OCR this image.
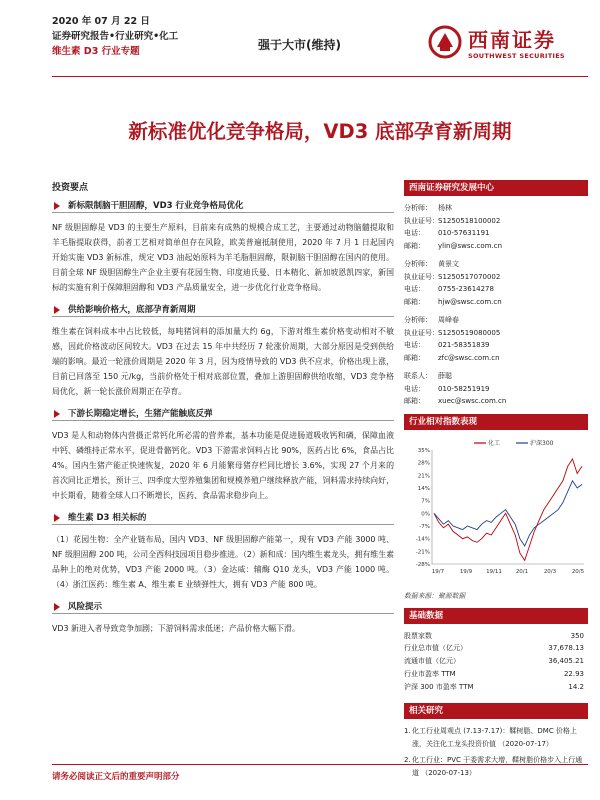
2020 年 07 月 22 日
证券研究报告•行业研究•化工
维生素 D3 行业专题	强于大市(维持)	西南证券
SOUTHWEST SECURITIES
新标准优化竞争格局，VD3 底部孕育新周期
投资要点
新标限制脑干胆固醇，VD3 行业竞争格局优化

NF 级胆固醇是 VD3 的主要生产原料，目前来有成熟的规模合成工艺，主要通过动物脑髓提取和羊毛脂提取获得，前者工艺相对简单但存在风险，欧美普遍抵制使用，2020 年 7 月 1 日起国内开始实施 VD3 新标准，规定 VD3 油起始原料为羊毛脂胆固醇，限制脑干胆固醇在国内的使用。目前全球 NF 级胆固醇生产企业主要有花园生物、印度迪氏曼、日本精化、新加坡恩凯四家，新国标的实施有利于保障胆固醇和 VD3 产品质量安全，进一步优化行业竞争格局。

供给影响价格大，底部孕育新周期

维生素在饲料成本中占比较低，每吨猪饲料的添加量大约 6g，下游对维生素价格变动相对不敏感，因此价格波动区间较大。VD3 在过去 15 年中共经历 7 轮涨价周期，大部分原因是受到供给端的影响。最近一轮涨价周期是 2020 年 3 月，因为疫情导致的 VD3 供不应求，价格出现上涨，目前已回落至 150 元/kg，当前价格处于相对底部位置，叠加上游胆固醇供给收缩，VD3 竞争格局优化，新一轮长涨价周期正在孕育。

下游长期稳定增长，生猪产能触底反弹

VD3 是人和动物体内营摄正常钙化所必需的营养素，基本功能是促进肠道吸收钙和磷，保障血液中钙、磷维持正常水平，促进骨骼钙化。VD3 下游需求饲料占比 90%，医药占比 6%，食品占比 4%。国内生猪产能正快速恢复，2020 年 6 月能繁母猪存栏同比增长 3.6%，实现 27 个月来的首次同比正增长，预计三、四季度大型养殖集团和规模养殖户继续释放产能，饲料需求持续向好，中长期看，随着全球人口不断增长，医药、食品需求稳步向上。

维生素 D3 相关标的

（1）花园生物：全产业链布局，国内 VD3、NF 级胆固醇产能第一，现有 VD3 产能 3000 吨、NF 级胆固醇 200 吨，公司全西科技园项目稳步推进。（2）新和成：国内维生素龙头，拥有维生素品种上的绝对优势，VD3 产能 2000 吨。（3）金达威：辅酶 Q10 龙头，VD3 产能 1000 吨。（4）浙江医药：维生素 A、维生素 E 业绩弹性大，拥有 VD3 产能 800 吨。

风险提示

VD3 新进入者导致竞争加剧；下游饲料需求低迷；产品价格大幅下滑。

西南证券研究发展中心
分析师： 杨林
执业证号：S1250518100002
电话： 010-57631191
邮箱： ylin@swsc.com.cn
分析师： 黄景文
执业证号：S1250517070002
电话： 0755-23614278
邮箱： hjw@swsc.com.cn
分析师： 周峰春
执业证号：S1250519080005
电话： 021-58351839
邮箱： zfc@swsc.com.cn
联系人： 薛聪
电话： 010-58251919
邮箱： xuec@swsc.com.cn
行业相对指数表现
-28%
-21%
-14%
-7%
0%
7%
14%
21%
28%
35%
19/7	19/9	19/11	20/1	20/3	20/5
化工	沪深300
数据来源：聚源数据
基础数据
股票家数	350
行业总市值（亿元）	37,678.13
流通市值（亿元）	36,405.21
行业市盈率 TTM	22.93
沪深 300 市盈率 TTM	14.2
相关研究
1. 化工行业周观点 (7.13-7.17)：鞣树脂、DMC 价格上涨，关注化工龙头投资价值 （2020-07-17）
2. 化工行业：PVC 干委需求大增，鞣树脂价格步入上行通道 （2020-07-13）
请务必阅读正文后的重要声明部分
